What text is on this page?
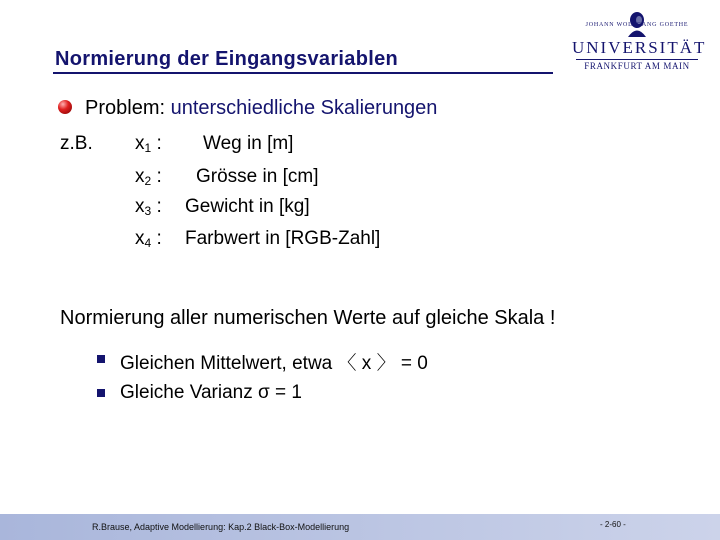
Normierung der Eingangsvariablen
JOHANN WOLFGANG GOETHE
UNIVERSITÄT
FRANKFURT AM MAIN
Problem: unterschiedliche Skalierungen
z.B. $x_1$ : Weg in [m]
$x_2$ : Grösse in [cm]
$x_3$ : Gewicht in [kg]
$x_4$ : Farbwert in [RGB-Zahl]
Normierung aller numerischen Werte auf gleiche Skala !
Gleichen Mittelwert, etwa 〈 x 〉 = 0
Gleiche Varianz σ = 1
R.Brause, Adaptive Modellierung: Kap.2 Black-Box-Modellierung	- 2-60 -
